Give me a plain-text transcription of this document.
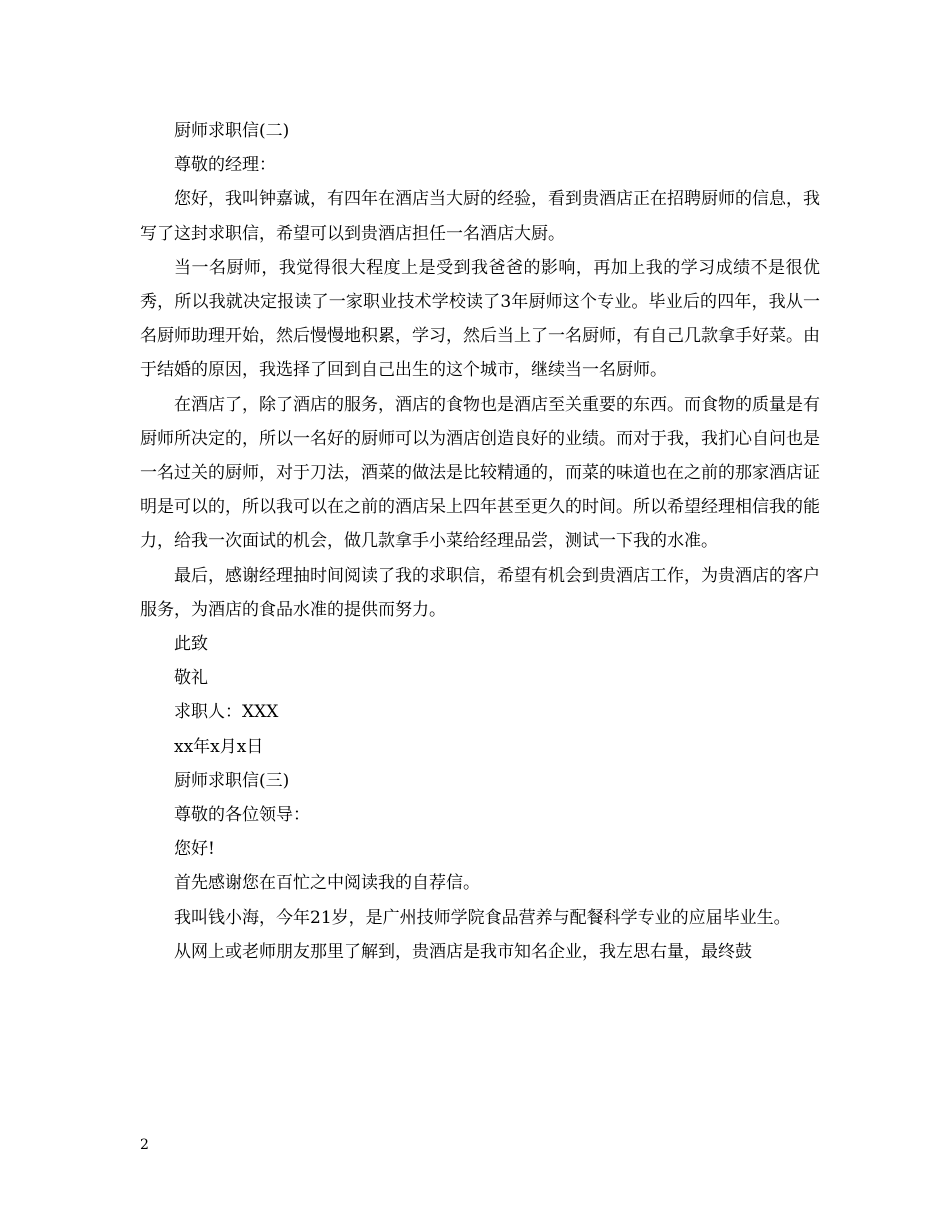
厨师求职信(二)

尊敬的经理：

您好，我叫钟嘉诚，有四年在酒店当大厨的经验，看到贵酒店正在招聘厨师的信息，我写了这封求职信，希望可以到贵酒店担任一名酒店大厨。

当一名厨师，我觉得很大程度上是受到我爸爸的影响，再加上我的学习成绩不是很优秀，所以我就决定报读了一家职业技术学校读了3年厨师这个专业。毕业后的四年，我从一名厨师助理开始，然后慢慢地积累，学习，然后当上了一名厨师，有自己几款拿手好菜。由于结婚的原因，我选择了回到自己出生的这个城市，继续当一名厨师。

在酒店了，除了酒店的服务，酒店的食物也是酒店至关重要的东西。而食物的质量是有厨师所决定的，所以一名好的厨师可以为酒店创造良好的业绩。而对于我，我扪心自问也是一名过关的厨师，对于刀法，酒菜的做法是比较精通的，而菜的味道也在之前的那家酒店证明是可以的，所以我可以在之前的酒店呆上四年甚至更久的时间。所以希望经理相信我的能力，给我一次面试的机会，做几款拿手小菜给经理品尝，测试一下我的水准。

最后，感谢经理抽时间阅读了我的求职信，希望有机会到贵酒店工作，为贵酒店的客户服务，为酒店的食品水准的提供而努力。

此致

敬礼

求职人：XXX

xx年x月x日

厨师求职信(三)

尊敬的各位领导：

您好!

首先感谢您在百忙之中阅读我的自荐信。

我叫钱小海，今年21岁，是广州技师学院食品营养与配餐科学专业的应届毕业生。

从网上或老师朋友那里了解到，贵酒店是我市知名企业，我左思右量，最终鼓

2
